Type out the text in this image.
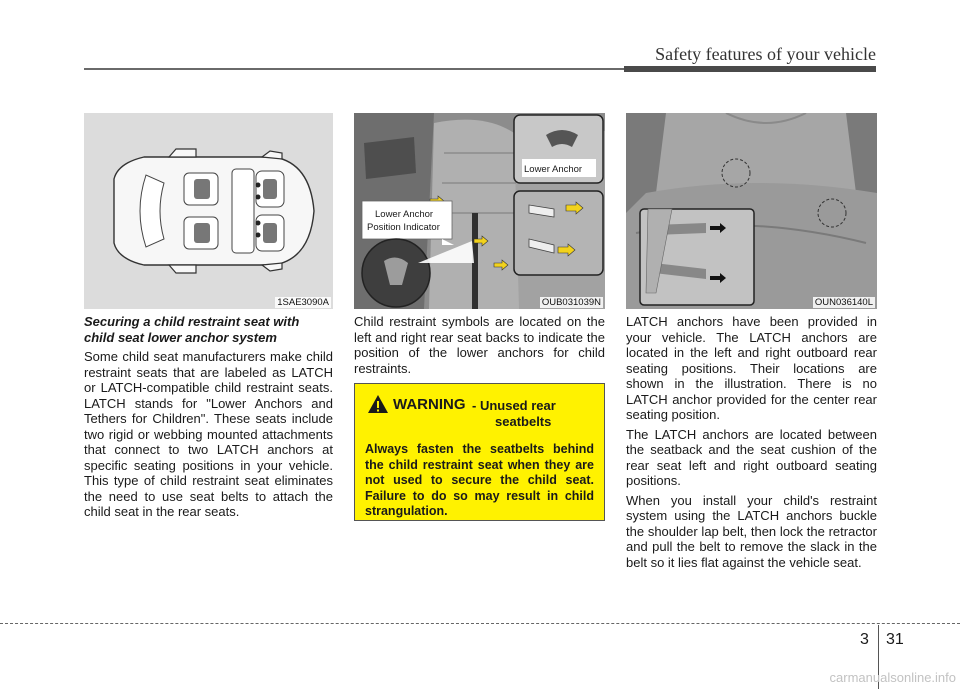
Safety features of your vehicle
1SAE3090A
Lower Anchor
Lower Anchor
Position Indicator
OUB031039N	OUN036140L

Securing a child restraint seat with child seat lower anchor system

Some child seat manufacturers make child restraint seats that are labeled as LATCH or LATCH-compatible child restraint seats. LATCH stands for "Lower Anchors and Tethers for Children". These seats include two rigid or webbing mounted attachments that connect to two LATCH anchors at specific seating positions in your vehicle. This type of child restraint seat eliminates the need to use seat belts to attach the child seat in the rear seats.

Child restraint symbols are located on the left and right rear seat backs to indicate the position of the lower anchors for child restraints.

WARNING - Unused rear
seatbelts

Always fasten the seatbelts behind the child restraint seat when they are not used to secure the child seat. Failure to do so may result in child strangulation.

LATCH anchors have been provided in your vehicle. The LATCH anchors are located in the left and right outboard rear seating positions. Their locations are shown in the illustration. There is no LATCH anchor provided for the center rear seating position.

The LATCH anchors are located between the seatback and the seat cushion of the rear seat left and right outboard seating positions.

When you install your child's restraint system using the LATCH anchors buckle the shoulder lap belt, then lock the retractor and pull the belt to remove the slack in the belt so it lies flat against the vehicle seat.

3 31
carmanualsonline.info
